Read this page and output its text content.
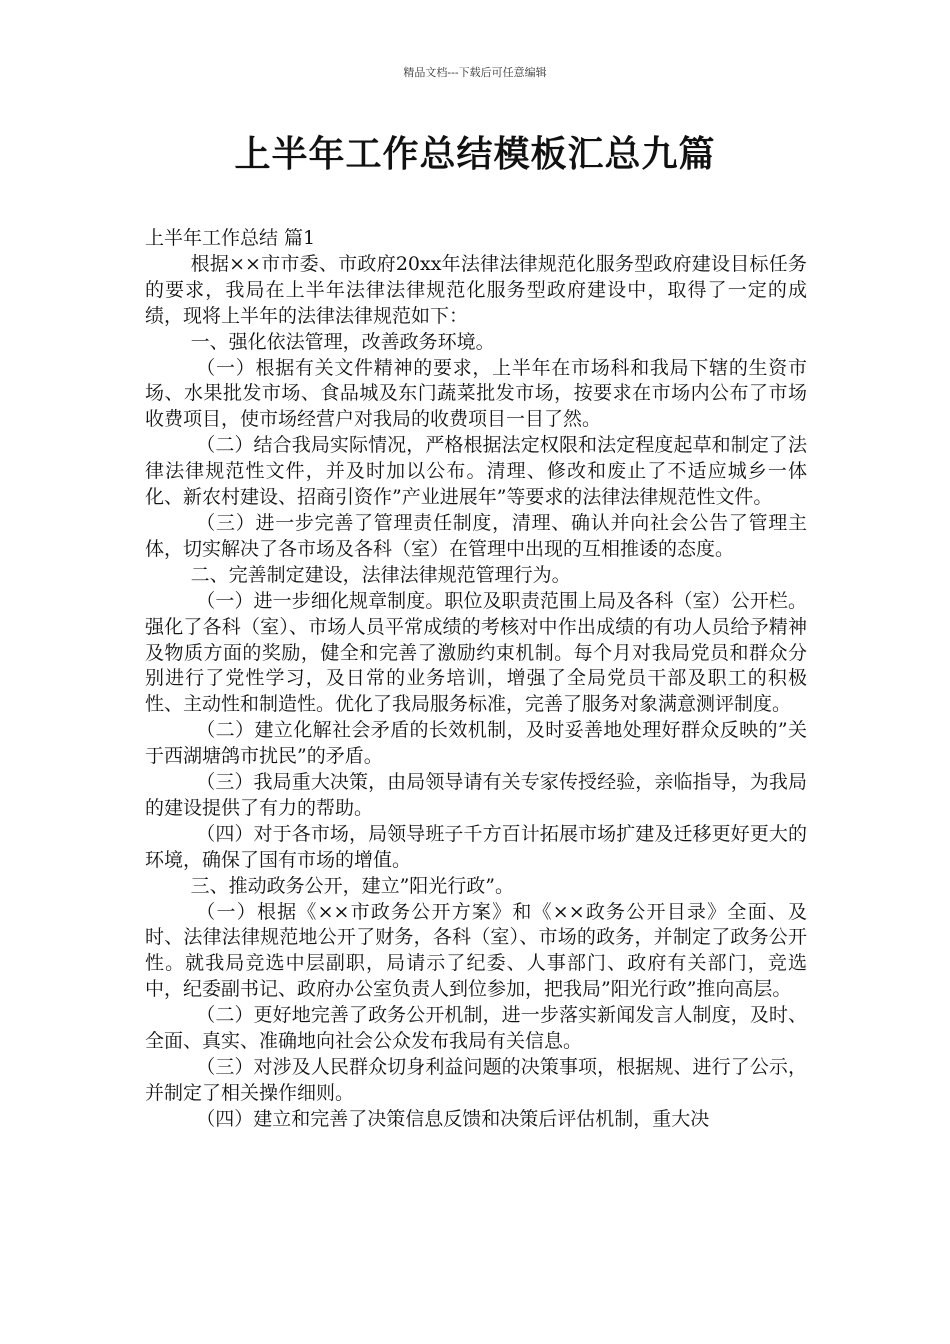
精品文档---下载后可任意编辑
上半年工作总结模板汇总九篇

上半年工作总结 篇1

根据××市市委、市政府20xx年法律法律规范化服务型政府建设目标任务的要求，我局在上半年法律法律规范化服务型政府建设中，取得了一定的成绩，现将上半年的法律法律规范如下：

一、强化依法管理，改善政务环境。

（一）根据有关文件精神的要求，上半年在市场科和我局下辖的生资市场、水果批发市场、食品城及东门蔬菜批发市场，按要求在市场内公布了市场收费项目，使市场经营户对我局的收费项目一目了然。

（二）结合我局实际情况，严格根据法定权限和法定程度起草和制定了法律法律规范性文件，并及时加以公布。清理、修改和废止了不适应城乡一体化、新农村建设、招商引资作”产业进展年”等要求的法律法律规范性文件。

（三）进一步完善了管理责任制度，清理、确认并向社会公告了管理主体，切实解决了各市场及各科（室）在管理中出现的互相推诿的态度。

二、完善制定建设，法律法律规范管理行为。

（一）进一步细化规章制度。职位及职责范围上局及各科（室）公开栏。强化了各科（室）、市场人员平常成绩的考核对中作出成绩的有功人员给予精神及物质方面的奖励，健全和完善了激励约束机制。每个月对我局党员和群众分别进行了党性学习，及日常的业务培训，增强了全局党员干部及职工的积极性、主动性和制造性。优化了我局服务标准，完善了服务对象满意测评制度。

（二）建立化解社会矛盾的长效机制，及时妥善地处理好群众反映的”关于西湖塘鸽市扰民”的矛盾。

（三）我局重大决策，由局领导请有关专家传授经验，亲临指导，为我局的建设提供了有力的帮助。

（四）对于各市场，局领导班子千方百计拓展市场扩建及迁移更好更大的环境，确保了国有市场的增值。

三、推动政务公开，建立”阳光行政”。

（一）根据《××市政务公开方案》和《××政务公开目录》全面、及时、法律法律规范地公开了财务，各科（室）、市场的政务，并制定了政务公开性。就我局竞选中层副职，局请示了纪委、人事部门、政府有关部门，竞选中，纪委副书记、政府办公室负责人到位参加，把我局”阳光行政”推向高层。

（二）更好地完善了政务公开机制，进一步落实新闻发言人制度，及时、全面、真实、准确地向社会公众发布我局有关信息。

（三）对涉及人民群众切身利益问题的决策事项，根据规、进行了公示，并制定了相关操作细则。

（四）建立和完善了决策信息反馈和决策后评估机制，重大决
